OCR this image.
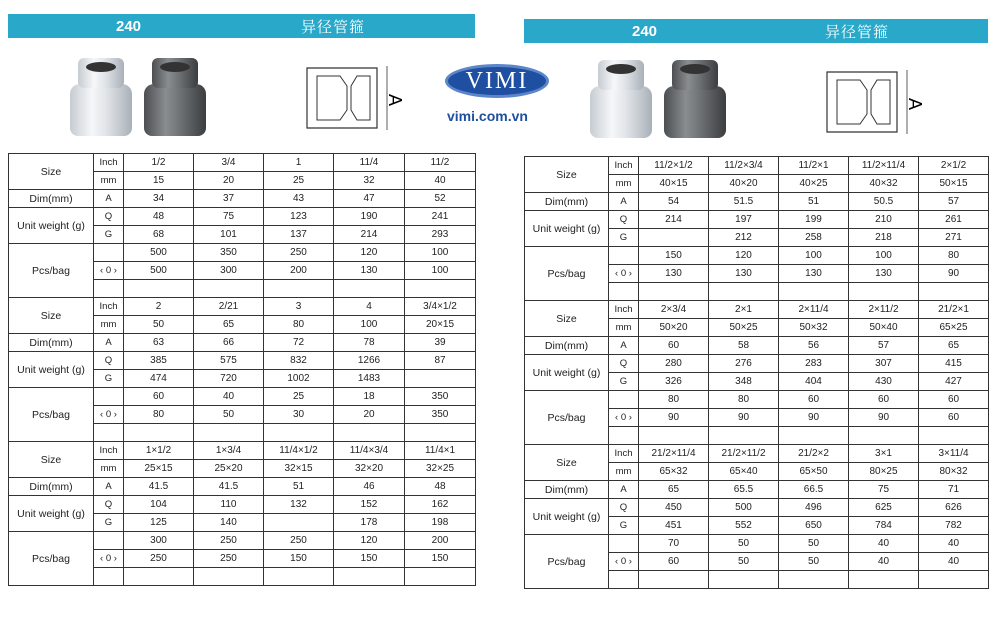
240	异径管箍	240	异径管箍
A	A
VIMI
vimi.com.vn
Size	Inch	1/2	3/4	1	11/4	11/2
	mm	15	20	25	32	40
Dim(mm)	A	34	37	43	47	52
Unit weight (g)	Q	48	75	123	190	241
	G	68	101	137	214	293
Pcs/bag		500	350	250	120	100
	‹ 0 ›	500	300	200	130	100

Size	Inch	2	2/21	3	4	3/4×1/2
	mm	50	65	80	100	20×15
Dim(mm)	A	63	66	72	78	39
Unit weight (g)	Q	385	575	832	1266	87
	G	474	720	1002	1483	
Pcs/bag		60	40	25	18	350
	‹ 0 ›	80	50	30	20	350

Size	Inch	1×1/2	1×3/4	11/4×1/2	11/4×3/4	11/4×1
	mm	25×15	25×20	32×15	32×20	32×25
Dim(mm)	A	41.5	41.5	51	46	48
Unit weight (g)	Q	104	110	132	152	162
	G	125	140		178	198
Pcs/bag		300	250	250	120	200
	‹ 0 ›	250	250	150	150	150

Size	Inch	11/2×1/2	11/2×3/4	11/2×1	11/2×11/4	2×1/2
	mm	40×15	40×20	40×25	40×32	50×15
Dim(mm)	A	54	51.5	51	50.5	57
Unit weight (g)	Q	214	197	199	210	261
	G		212	258	218	271
Pcs/bag		150	120	100	100	80
	‹ 0 ›	130	130	130	130	90

Size	Inch	2×3/4	2×1	2×11/4	2×11/2	21/2×1
	mm	50×20	50×25	50×32	50×40	65×25
Dim(mm)	A	60	58	56	57	65
Unit weight (g)	Q	280	276	283	307	415
	G	326	348	404	430	427
Pcs/bag		80	80	60	60	60
	‹ 0 ›	90	90	90	90	60

Size	Inch	21/2×11/4	21/2×11/2	21/2×2	3×1	3×11/4
	mm	65×32	65×40	65×50	80×25	80×32
Dim(mm)	A	65	65.5	66.5	75	71
Unit weight (g)	Q	450	500	496	625	626
	G	451	552	650	784	782
Pcs/bag		70	50	50	40	40
	‹ 0 ›	60	50	50	40	40
